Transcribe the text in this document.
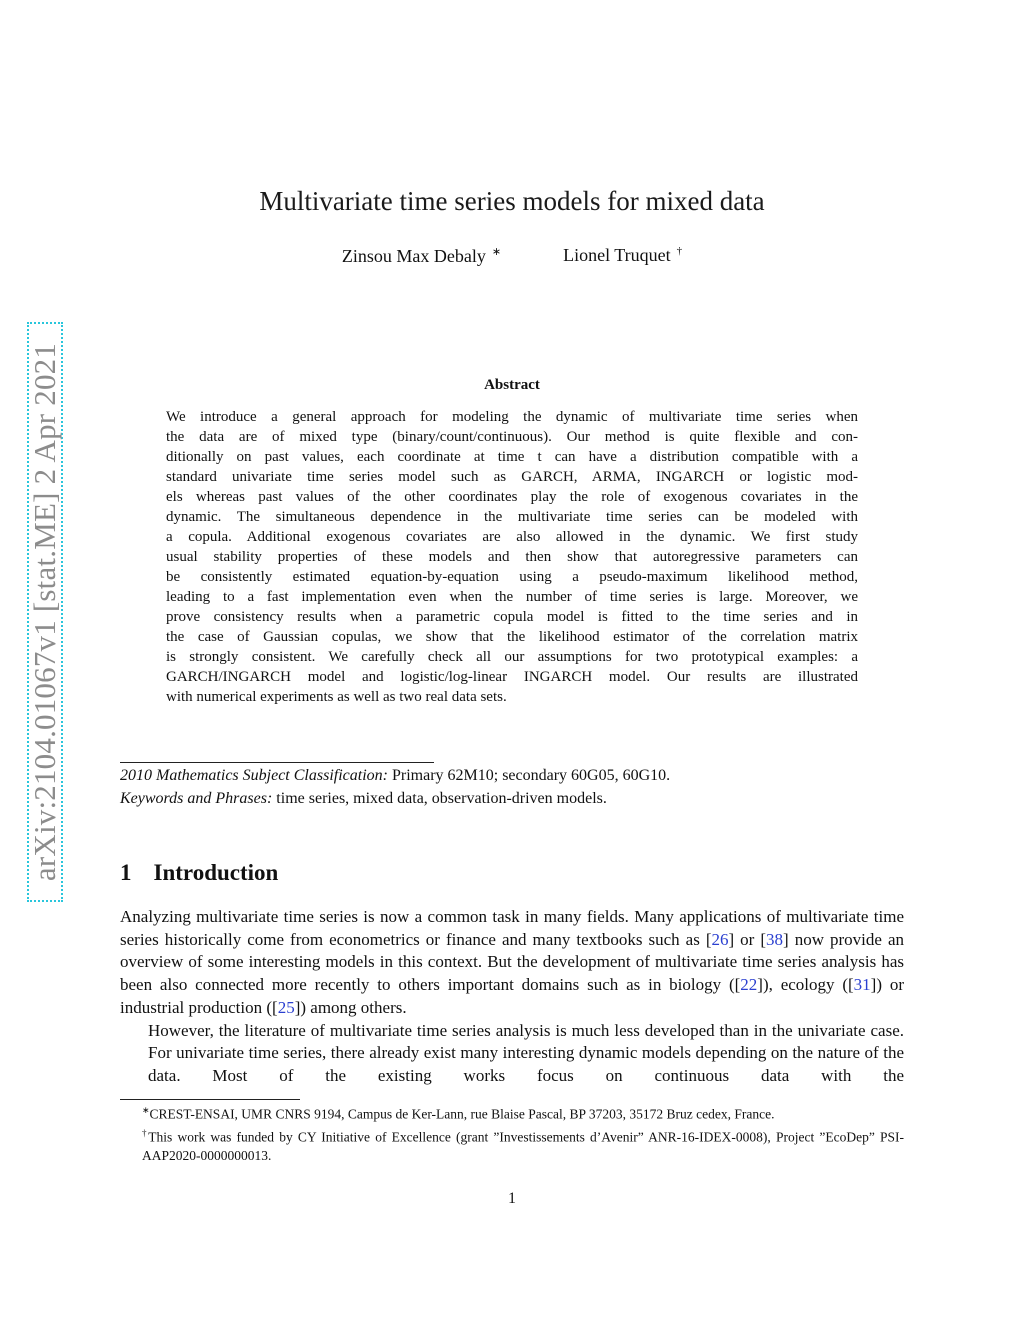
arXiv:2104.01067v1 [stat.ME] 2 Apr 2021
Multivariate time series models for mixed data
Zinsou Max Debaly ∗	Lionel Truquet †
Abstract
We introduce a general approach for modeling the dynamic of multivariate time series when
the data are of mixed type (binary/count/continuous). Our method is quite flexible and con-
ditionally on past values, each coordinate at time t can have a distribution compatible with a
standard univariate time series model such as GARCH, ARMA, INGARCH or logistic mod-
els whereas past values of the other coordinates play the role of exogenous covariates in the
dynamic. The simultaneous dependence in the multivariate time series can be modeled with
a copula. Additional exogenous covariates are also allowed in the dynamic. We first study
usual stability properties of these models and then show that autoregressive parameters can
be consistently estimated equation-by-equation using a pseudo-maximum likelihood method,
leading to a fast implementation even when the number of time series is large. Moreover, we
prove consistency results when a parametric copula model is fitted to the time series and in
the case of Gaussian copulas, we show that the likelihood estimator of the correlation matrix
is strongly consistent. We carefully check all our assumptions for two prototypical examples: a
GARCH/INGARCH model and logistic/log-linear INGARCH model. Our results are illustrated
with numerical experiments as well as two real data sets.
2010 Mathematics Subject Classification: Primary 62M10; secondary 60G05, 60G10.
Keywords and Phrases: time series, mixed data, observation-driven models.
1 Introduction
Analyzing multivariate time series is now a common task in many fields. Many applications of multivariate time series historically come from econometrics or finance and many textbooks such as [26] or [38] now provide an overview of some interesting models in this context. But the development of multivariate time series analysis has been also connected more recently to others important domains such as in biology ([22]), ecology ([31]) or industrial production ([25]) among others.
However, the literature of multivariate time series analysis is much less developed than in the univariate case. For univariate time series, there already exist many interesting dynamic models depending on the nature of the data. Most of the existing works focus on continuous data with the
∗CREST-ENSAI, UMR CNRS 9194, Campus de Ker-Lann, rue Blaise Pascal, BP 37203, 35172 Bruz cedex, France.
†This work was funded by CY Initiative of Excellence (grant ”Investissements d’Avenir” ANR-16-IDEX-0008), Project ”EcoDep” PSI-AAP2020-0000000013.
1
